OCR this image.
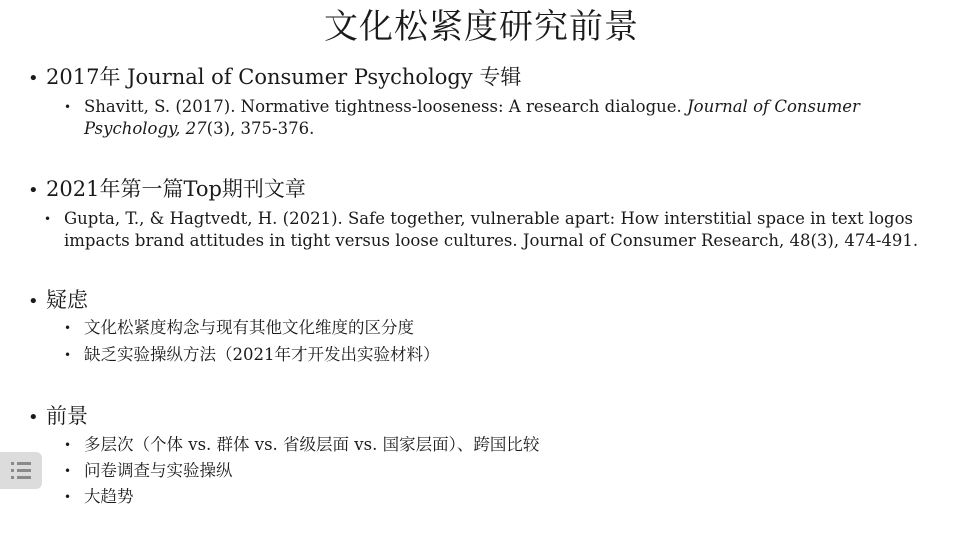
文化松紧度研究前景
• 2017年 Journal of Consumer Psychology 专辑
• Shavitt, S. (2017). Normative tightness‐looseness: A research dialogue. Journal of Consumer Psychology, 27(3), 375-376.
• 2021年第一篇Top期刊文章
• Gupta, T., & Hagtvedt, H. (2021). Safe together, vulnerable apart: How interstitial space in text logos impacts brand attitudes in tight versus loose cultures. Journal of Consumer Research, 48(3), 474-491.
• 疑虑
• 文化松紧度构念与现有其他文化维度的区分度
• 缺乏实验操纵方法（2021年才开发出实验材料）
• 前景
• 多层次（个体 vs. 群体 vs. 省级层面 vs. 国家层面）、跨国比较
• 问卷调查与实验操纵
• 大趋势
